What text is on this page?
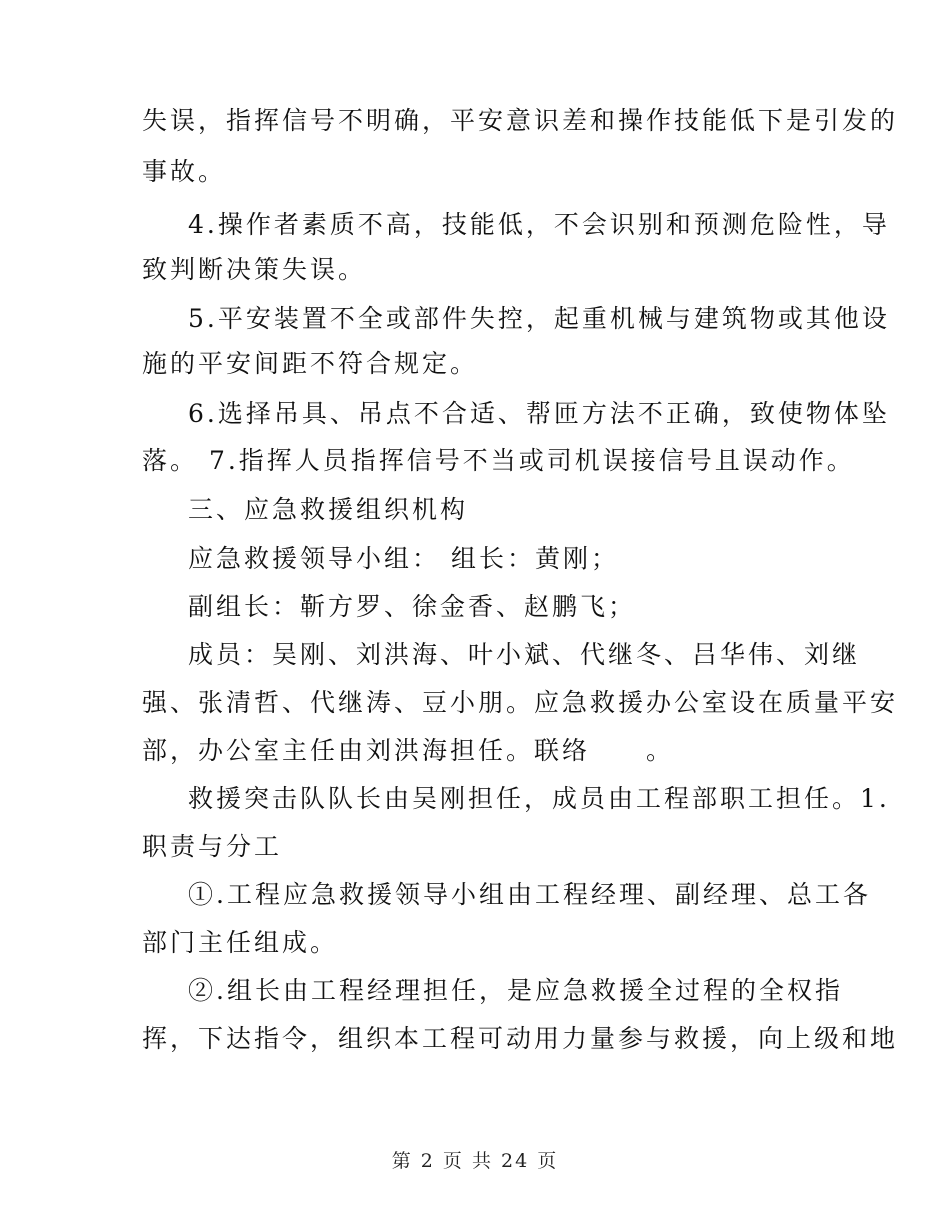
失误，指挥信号不明确，平安意识差和操作技能低下是引发的
事故。
4.操作者素质不高，技能低，不会识别和预测危险性，导
致判断决策失误。
5.平安装置不全或部件失控，起重机械与建筑物或其他设
施的平安间距不符合规定。
6.选择吊具、吊点不合适、帮匝方法不正确，致使物体坠
落。 7.指挥人员指挥信号不当或司机误接信号且误动作。
三、应急救援组织机构
应急救援领导小组： 组长：黄刚；
副组长：靳方罗、徐金香、赵鹏飞；
成员：吴刚、刘洪海、叶小斌、代继冬、吕华伟、刘继
强、张清哲、代继涛、豆小朋。应急救援办公室设在质量平安
部，办公室主任由刘洪海担任。联络　　。
救援突击队队长由吴刚担任，成员由工程部职工担任。1.
职责与分工
①.工程应急救援领导小组由工程经理、副经理、总工各
部门主任组成。
②.组长由工程经理担任，是应急救援全过程的全权指
挥，下达指令，组织本工程可动用力量参与救援，向上级和地
第 2 页 共 24 页
